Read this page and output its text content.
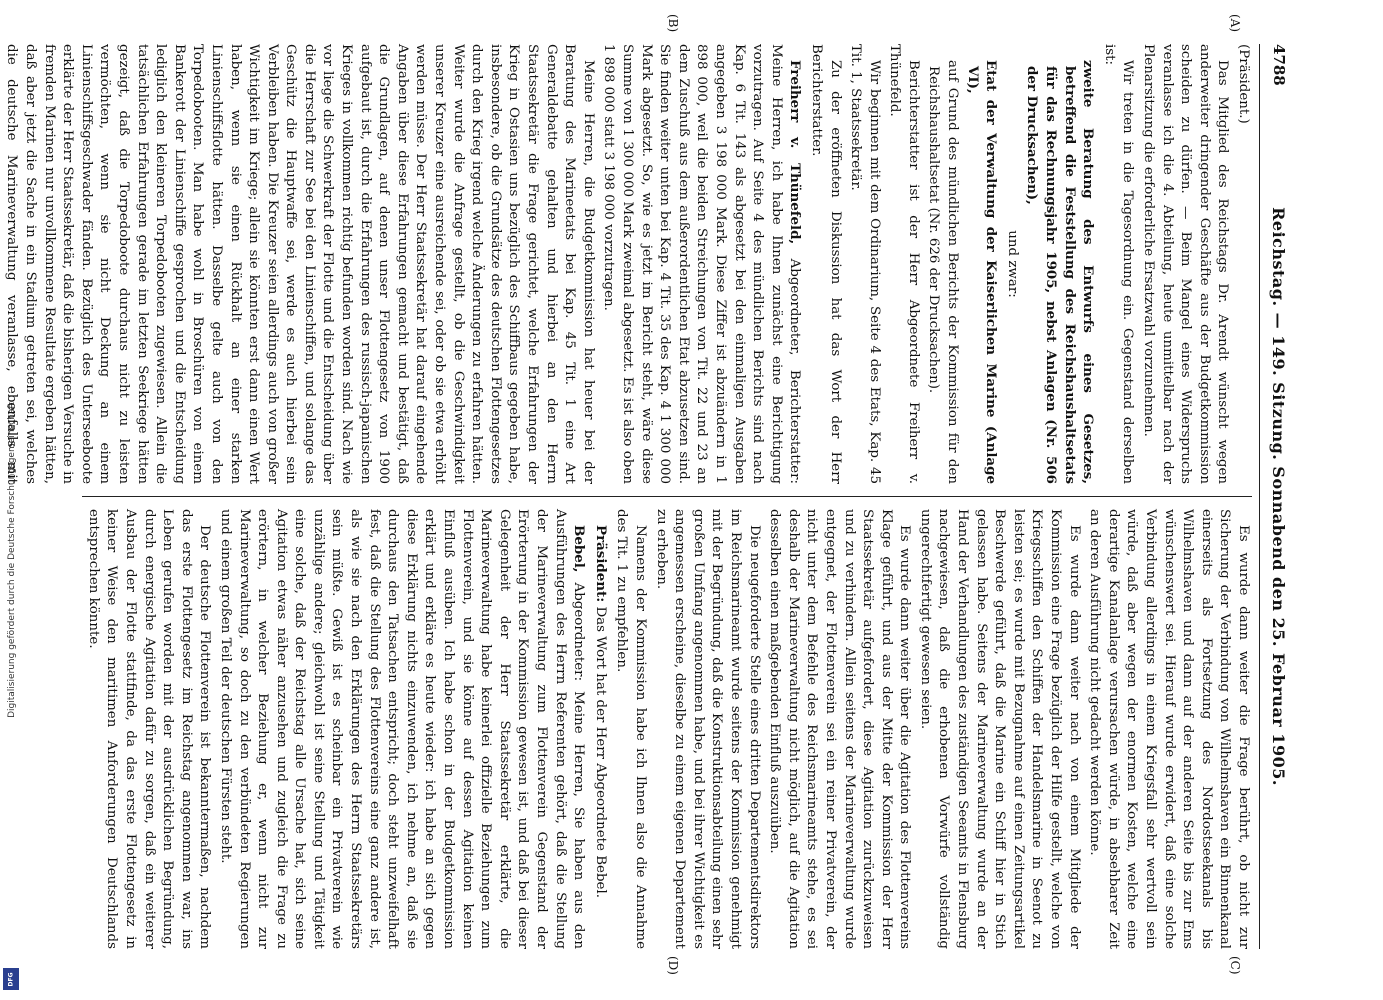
Digitalisierung gefördert durch die Deutsche Forschungsgemeinschaft
DFG
4788
Reichstag. — 149. Sitzung. Sonnabend den 25. Februar 1905.
(A)
(B)
(C)
(D)

(Präsident.)

Das Mitglied des Reichstags Dr. Arendt wünscht wegen anderweiter dringender Geschäfte aus der Budgetkommission scheiden zu dürfen. — Beim Mangel eines Widerspruchs veranlasse ich die 4. Abteilung, heute unmittelbar nach der Plenarsitzung die erforderliche Ersatzwahl vorzunehmen.

Wir treten in die Tagesordnung ein. Gegenstand derselben ist:

zweite Beratung des Entwurfs eines Gesetzes, betreffend die Feststellung des Reichshaushaltsetats für das Rechnungsjahr 1905, nebst Anlagen (Nr. 506 der Drucksachen),

und zwar:

Etat der Verwaltung der Kaiserlichen Marine (Anlage VI),

auf Grund des mündlichen Berichts der Kommission für den Reichshaushaltsetat (Nr. 626 der Drucksachen).

Berichterstatter ist der Herr Abgeordnete Freiherr v. Thünefeld.

Wir beginnen mit dem Ordinarium, Seite 4 des Etats, Kap. 45 Tit. 1, Staatssekretär.

Zu der eröffneten Diskussion hat das Wort der Herr Berichterstatter.

Freiherr v. Thünefeld, Abgeordneter, Berichterstatter: Meine Herren, ich habe Ihnen zunächst eine Berichtigung vorzutragen. Auf Seite 4 des mündlichen Berichts sind nach Kap. 6 Tit. 143 als abgesetzt bei den einmaligen Ausgaben angegeben 3 198 000 Mark. Diese Ziffer ist abzuändern in 1 898 000, weil die beiden Streichungen von Tit. 22 und 23 an dem Zuschuß aus dem außerordentlichen Etat abzusetzen sind. Sie finden weiter unten bei Kap. 4 Tit. 35 des Kap. 4 1 300 000 Mark abgesetzt. So, wie es jetzt im Bericht steht, wäre diese Summe von 1 300 000 Mark zweimal abgesetzt. Es ist also oben 1 898 000 statt 3 198 000 vorzutragen.

Meine Herren, die Budgetkommission hat heuer bei der Beratung des Marineetats bei Kap. 45 Tit. 1 eine Art Generaldebatte gehalten und hierbei an den Herrn Staatssekretär die Frage gerichtet, welche Erfahrungen der Krieg in Ostasien uns bezüglich des Schiffbaus gegeben habe, insbesondere, ob die Grundsätze des deutschen Flottengesetzes durch den Krieg irgend welche Änderungen zu erfahren hätten. Weiter wurde die Anfrage gestellt, ob die Geschwindigkeit unserer Kreuzer eine ausreichende sei, oder ob sie etwa erhöht werden müsse. Der Herr Staatssekretär hat darauf eingehende Angaben über diese Erfahrungen gemacht und bestätigt, daß die Grundlagen, auf denen unser Flottengesetz von 1900 aufgebaut ist, durch die Erfahrungen des russisch-japanischen Krieges in vollkommen richtig befunden worden sind. Nach wie vor liege die Schwerkraft der Flotte und die Entscheidung über die Herrschaft zur See bei den Linienschiffen, und solange das Geschütz die Hauptwaffe sei, werde es auch hierbei sein Verbleiben haben. Die Kreuzer seien allerdings auch von großer Wichtigkeit im Kriege; allein sie könnten erst dann einen Wert haben, wenn sie einen Rückhalt an einer starken Linienschiffsflotte hätten. Dasselbe gelte auch von den Torpedobooten. Man habe wohl in Broschüren von einem Bankerott der Linienschiffe gesprochen und die Entscheidung lediglich den kleineren Torpedobooten zugewiesen. Allein die tatsächlichen Erfahrungen gerade im letzten Seekriege hätten gezeigt, daß die Torpedoboote durchaus nicht zu leisten vermöchten, wenn sie nicht Deckung an einem Linienschiffsgeschwader fänden. Bezüglich des Unterseeboote erklärte der Herr Staatssekretär, daß die bisherigen Versuche in fremden Marinen nur unvollkommene Resultate ergeben hätten, daß aber jetzt die Sache in ein Stadium getreten sei, welches die deutsche Marineverwaltung veranlasse, ebenfalls mit

Es wurde dann weiter die Frage berührt, ob nicht zur Sicherung der Verbindung von Wilhelmshaven ein Binnenkanal einerseits als Fortsetzung des Nordostseekanals bis Wilhelmshaven und dann auf der anderen Seite bis zur Ems wünschenswert sei. Hierauf wurde erwidert, daß eine solche Verbindung allerdings in einem Kriegsfall sehr wertvoll sein würde, daß aber wegen der enormen Kosten, welche eine derartige Kanalanlage verursachen würde, in absehbarer Zeit an deren Ausführung nicht gedacht werden könne.

Es wurde dann weiter nach von einem Mitgliede der Kommission eine Frage bezüglich der Hilfe gestellt, welche von Kriegsschiffen den Schiffen der Handelsmarine in Seenot zu leisten sei; es wurde mit Bezugnahme auf einen Zeitungsartikel Beschwerde geführt, daß die Marine ein Schiff hier in Stich gelassen habe. Seitens der Marineverwaltung wurde an der Hand der Verhandlungen des zuständigen Seeamts in Flensburg nachgewiesen, daß die erhobenen Vorwürfe vollständig ungerechtfertigt gewesen seien.

Es wurde dann weiter über die Agitation des Flottenvereins Klage geführt, und aus der Mitte der Kommission der Herr Staatssekretär aufgefordert, diese Agitation zurückzuweisen und zu verhindern. Allein seitens der Marineverwaltung wurde entgegnet, der Flottenverein sei ein reiner Privatverein, der nicht unter dem Befehle des Reichsmarineamts stehe, es sei deshalb der Marineverwaltung nicht möglich, auf die Agitation desselben einen maßgebenden Einfluß auszuüben.

Die neugeforderte Stelle eines dritten Departementsdirektors im Reichsmarineamt wurde seitens der Kommission genehmigt mit der Begründung, daß die Konstruktionsabteilung einen sehr großen Umfang angenommen habe, und bei ihrer Wichtigkeit es angemessen erscheine, dieselbe zu einem eigenen Departement zu erheben.

Namens der Kommission habe ich Ihnen also die Annahme des Tit. 1 zu empfehlen.

Präsident: Das Wort hat der Herr Abgeordnete Bebel.

Bebel, Abgeordneter: Meine Herren, Sie haben aus den Ausführungen des Herrn Referenten gehört, daß die Stellung der Marineverwaltung zum Flottenverein Gegenstand der Erörterung in der Kommission gewesen ist, und daß bei dieser Gelegenheit der Herr Staatssekretär erklärte, die Marineverwaltung habe keinerlei offizielle Beziehungen zum Flottenverein, und sie könne auf dessen Agitation keinen Einfluß ausüben. Ich habe schon in der Budgetkommission erklärt und erkläre es heute wieder: ich habe an sich gegen diese Erklärung nichts einzuwenden, ich nehme an, daß sie durchaus den Tatsachen entspricht; doch steht unzweifelhaft fest, daß die Stellung des Flottenvereins eine ganz andere ist, als wie sie nach den Erklärungen des Herrn Staatssekretärs sein müßte. Gewiß ist es scheinbar ein Privatverein wie unzählige andere; gleichwohl ist seine Stellung und Tätigkeit eine solche, daß der Reichstag alle Ursache hat, sich seine Agitation etwas näher anzusehen und zugleich die Frage zu erörtern, in welcher Beziehung er, wenn nicht zur Marineverwaltung, so doch zu den verbündeten Regierungen und einem großen Teil der deutschen Fürsten steht.

Der deutsche Flottenverein ist bekanntermaßen, nachdem das erste Flottengesetz im Reichstag angenommen war, ins Leben gerufen worden mit der ausdrücklichen Begründung, durch energische Agitation dafür zu sorgen, daß ein weiterer Ausbau der Flotte stattfinde, da das erste Flottengesetz in keiner Weise den maritimen Anforderungen Deutschlands entsprechen könnte.
